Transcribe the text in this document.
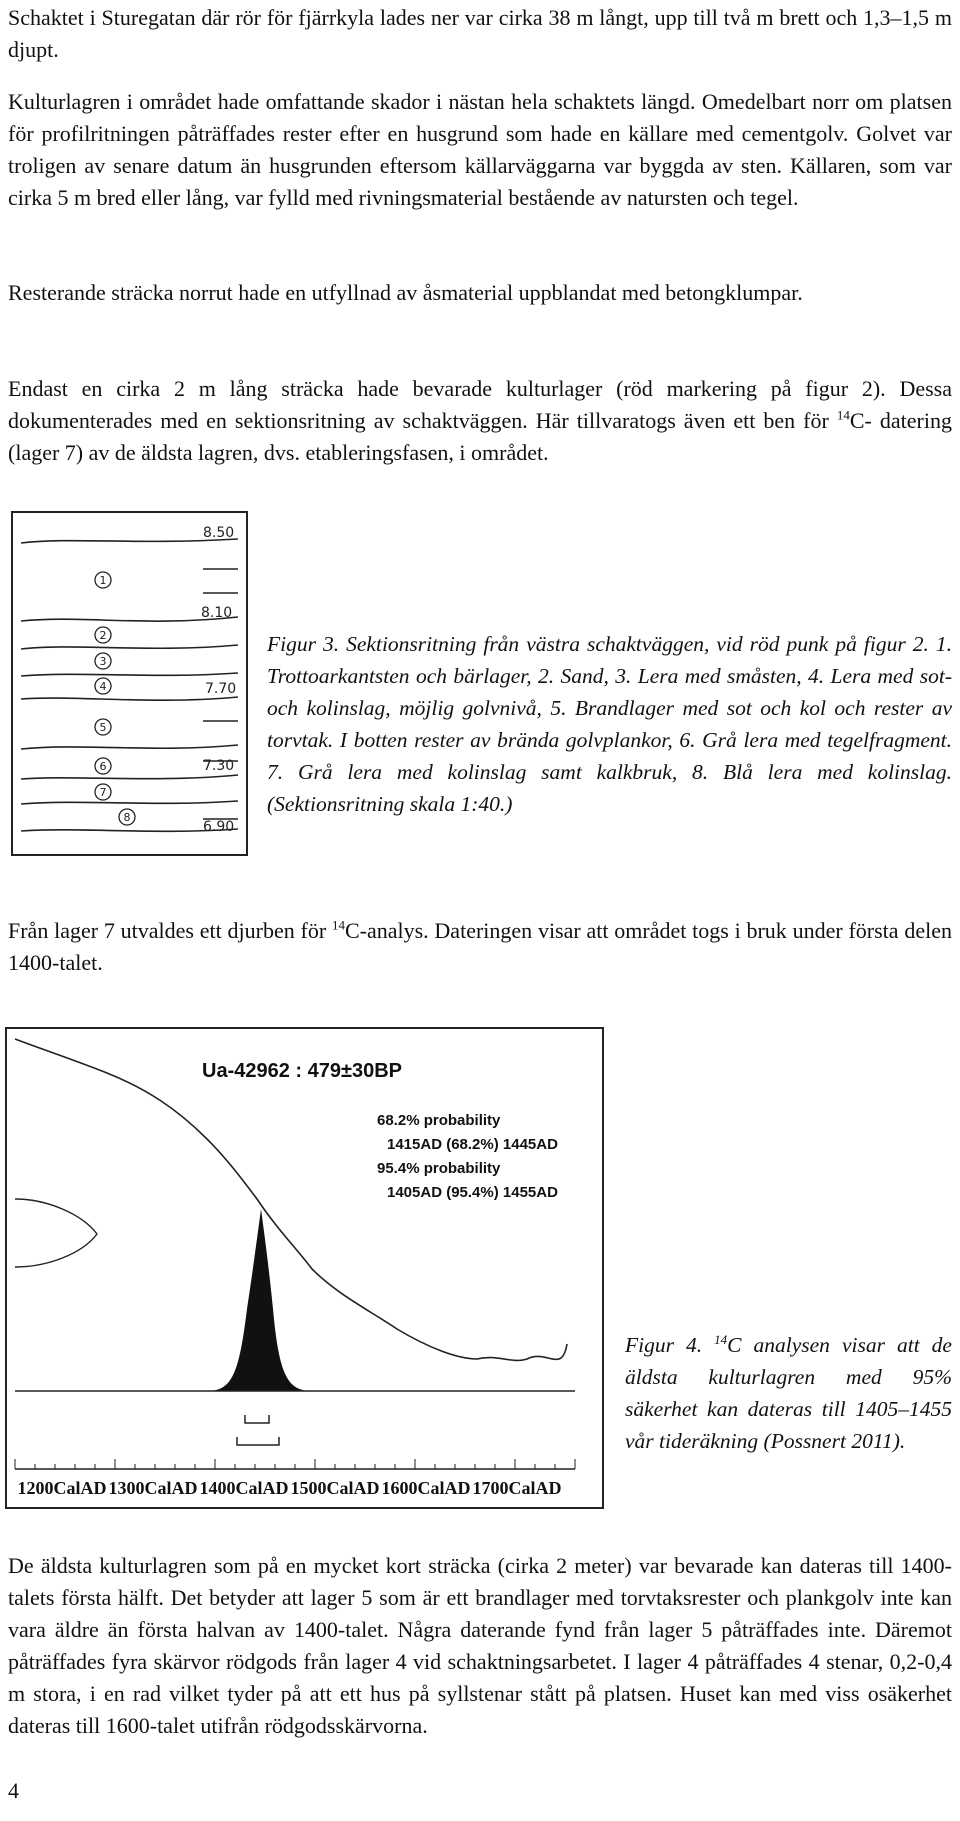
Schaktet i Sturegatan där rör för fjärrkyla lades ner var cirka 38 m långt, upp till två m brett och 1,3–1,5 m djupt.

Kulturlagren i området hade omfattande skador i nästan hela schaktets längd. Omedelbart norr om platsen för profilritningen påträffades rester efter en husgrund som hade en källare med cementgolv. Golvet var troligen av senare datum än husgrunden eftersom källarväggarna var byggda av sten. Källaren, som var cirka 5 m bred eller lång, var fylld med rivningsmaterial bestående av natursten och tegel.

Resterande sträcka norrut hade en utfyllnad av åsmaterial uppblandat med betongklumpar.

Endast en cirka 2 m lång sträcka hade bevarade kulturlager (röd markering på figur 2). Dessa dokumenterades med en sektionsritning av schaktväggen. Här tillvaratogs även ett ben för $^{14}$C- datering (lager 7) av de äldsta lagren, dvs. etableringsfasen, i området.

8.50
8.10
7.70
7.30
6.90
1
2
3
4
5
6
7
8

Figur 3. Sektionsritning från västra schaktväggen, vid röd punk på figur 2. 1. Trottoarkantsten och bärlager, 2. Sand, 3. Lera med småsten, 4. Lera med sot- och kolinslag, möjlig golvnivå, 5. Brandlager med sot och kol och rester av torvtak. I botten rester av brända golvplankor, 6. Grå lera med tegelfragment. 7. Grå lera med kolinslag samt kalkbruk, 8. Blå lera med kolinslag. (Sektionsritning skala 1:40.)

Från lager 7 utvaldes ett djurben för $^{14}$C-analys. Dateringen visar att området togs i bruk under första delen 1400-talet.

Ua-42962 : 479±30BP
68.2% probability
1415AD (68.2%) 1445AD
95.4% probability
1405AD (95.4%) 1455AD
1200CalAD 1300CalAD 1400CalAD 1500CalAD 1600CalAD 1700CalAD

Figur 4. $^{14}$C analysen visar att de äldsta kulturlagren med 95% säkerhet kan dateras till 1405–1455 vår tideräkning (Possnert 2011).

De äldsta kulturlagren som på en mycket kort sträcka (cirka 2 meter) var bevarade kan dateras till 1400-talets första hälft. Det betyder att lager 5 som är ett brandlager med torvtaksrester och plankgolv inte kan vara äldre än första halvan av 1400-talet. Några daterande fynd från lager 5 påträffades inte. Däremot påträffades fyra skärvor rödgods från lager 4 vid schaktningsarbetet. I lager 4 påträffades 4 stenar, 0,2-0,4 m stora, i en rad vilket tyder på att ett hus på syllstenar stått på platsen. Huset kan med viss osäkerhet dateras till 1600-talet utifrån rödgodsskärvorna.

4
